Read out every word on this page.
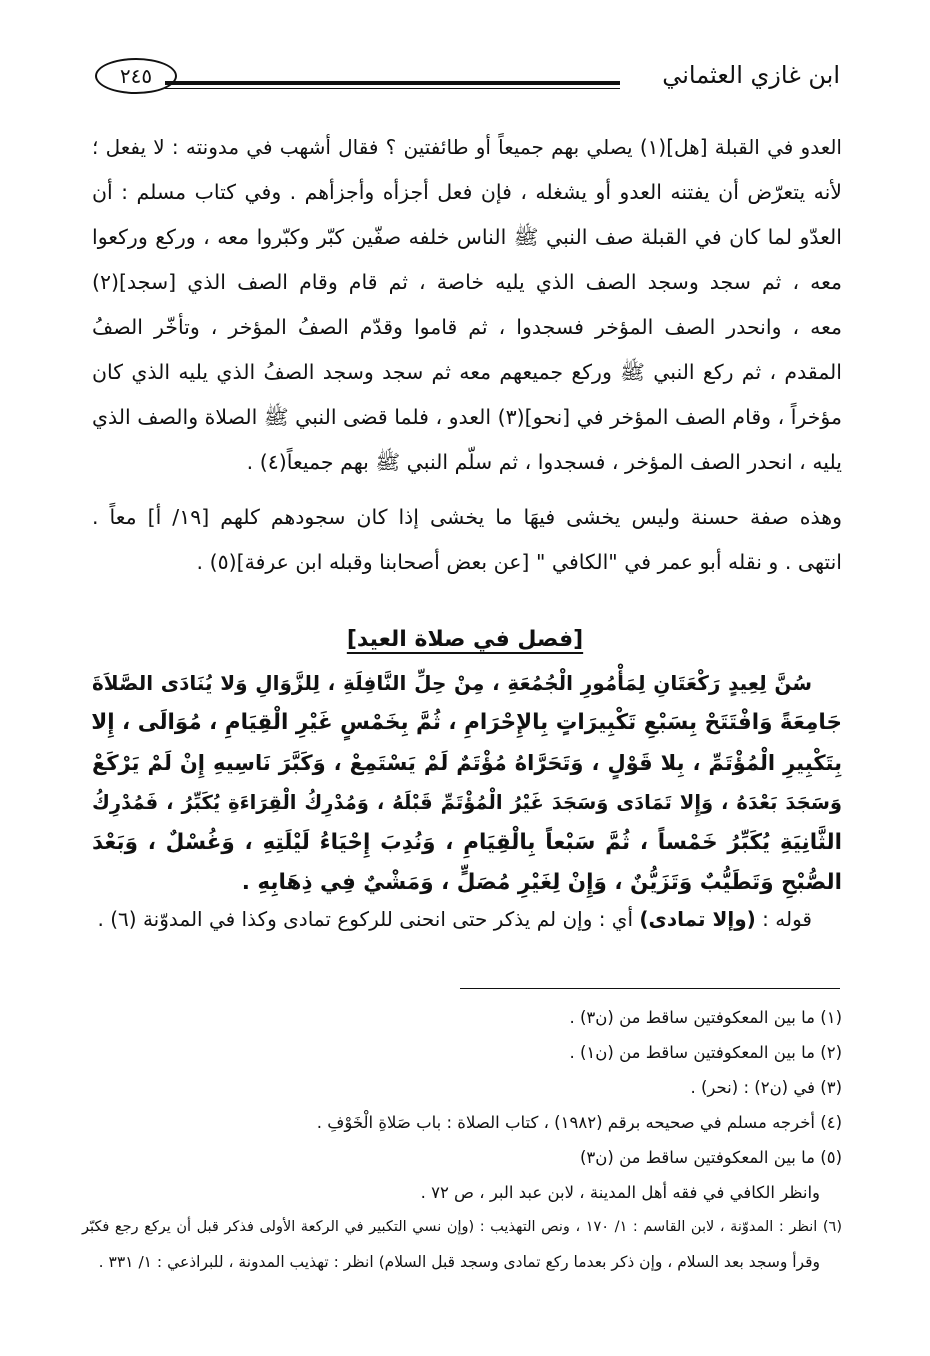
ابن غازي العثماني
٢٤٥

العدو في القبلة [هل](١) يصلي بهم جميعاً أو طائفتين ؟ فقال أشهب في مدونته : لا يفعل ؛

لأنه يتعرّض أن يفتنه العدو أو يشغله ، فإن فعل أجزأه وأجزأهم . وفي كتاب مسلم : أن

العدّو لما كان في القبلة صف النبي ﷺ الناس خلفه صفّين كبّر وكبّروا معه ، وركع وركعوا

معه ، ثم سجد وسجد الصف الذي يليه خاصة ، ثم قام وقام الصف الذي [سجد](٢)

معه ، وانحدر الصف المؤخر فسجدوا ، ثم قاموا وقدّم الصفُ المؤخر ، وتأخّر الصفُ

المقدم ، ثم ركع النبي ﷺ وركع جميعهم معه ثم سجد وسجد الصفُ الذي يليه الذي كان

مؤخراً ، وقام الصف المؤخر في [نحو](٣) العدو ، فلما قضى النبي ﷺ الصلاة والصف الذي

يليه ، انحدر الصف المؤخر ، فسجدوا ، ثم سلّم النبي ﷺ بهم جميعاً(٤) .

وهذه صفة حسنة وليس يخشى فيهَا ما يخشى إذا كان سجودهم كلهم [١٩/ أ] معاً .

انتهى . و نقله أبو عمر في "الكافي " [عن بعض أصحابنا وقبله ابن عرفة](٥) .

[فصل في صلاة العيد]

سُنَّ لِعِيدٍ رَكْعَتَانِ لِمَأْمُورِ الْجُمُعَةِ ، مِنْ حِلِّ النَّافِلَةِ ، لِلزَّوَالِ وَلا يُنَادَى الصَّلاَةَ

جَامِعَةً وَافْتَتَحْ بِسَبْعِ تَكْبِيرَاتٍ بِالإِحْرَامِ ، ثُمَّ بِخَمْسٍ غَيْرِ الْقِيَامِ ، مُوَالَى ، إِلا

بِتَكْبِيرِ الْمُؤْتَمِّ ، بِلا قَوْلٍ ، وَتَحَرَّاهُ مُؤْتَمٌ لَمْ يَسْتَمِعْ ، وَكَبَّرَ نَاسِيهِ إِنْ لَمْ يَرْكَعْ

وَسَجَدَ بَعْدَهُ ، وَإِلا تَمَادَى وَسَجَدَ غَيْرُ الْمُؤْتَمِّ قَبْلَهُ ، وَمُدْرِكُ الْقِرَاءَةِ يُكَبِّرُ ، فَمُدْرِكُ

الثَّانِيَةِ يُكَبِّرُ خَمْساً ، ثُمَّ سَبْعاً بِالْقِيَامِ ، وَنُدِبَ إِحْيَاءُ لَيْلَتِهِ ، وَغُسْلٌ ، وَبَعْدَ

الصُّبْحِ وَتَطَيُّبٌ وَتَزَيُّنٌ ، وَإِنْ لِغَيْرِ مُصَلٍّ ، وَمَشْيٌ فِي ذِهَابِهِ .

قوله : (وإلا تمادى) أي : وإن لم يذكر حتى انحنى للركوع تمادى وكذا في المدوّنة (٦) .

(١) ما بين المعكوفتين ساقط من (ن٣) .

(٢) ما بين المعكوفتين ساقط من (ن١) .

(٣) في (ن٢) : (نحر) .

(٤) أخرجه مسلم في صحيحه برقم (١٩٨٢) ، كتاب الصلاة : باب صَلاةِ الْخَوْفِ .

(٥) ما بين المعكوفتين ساقط من (ن٣)

وانظر الكافي في فقه أهل المدينة ، لابن عبد البر ، ص ٧٢ .

(٦) انظر : المدوّنة ، لابن القاسم : ١/ ١٧٠ ، ونص التهذيب : (وإن نسي التكبير في الركعة الأولى فذكر قبل أن يركع رجع فكبّر

وقرأ وسجد بعد السلام ، وإن ذكر بعدما ركع تمادى وسجد قبل السلام) انظر : تهذيب المدونة ، للبراذعي : ١/ ٣٣١ .
